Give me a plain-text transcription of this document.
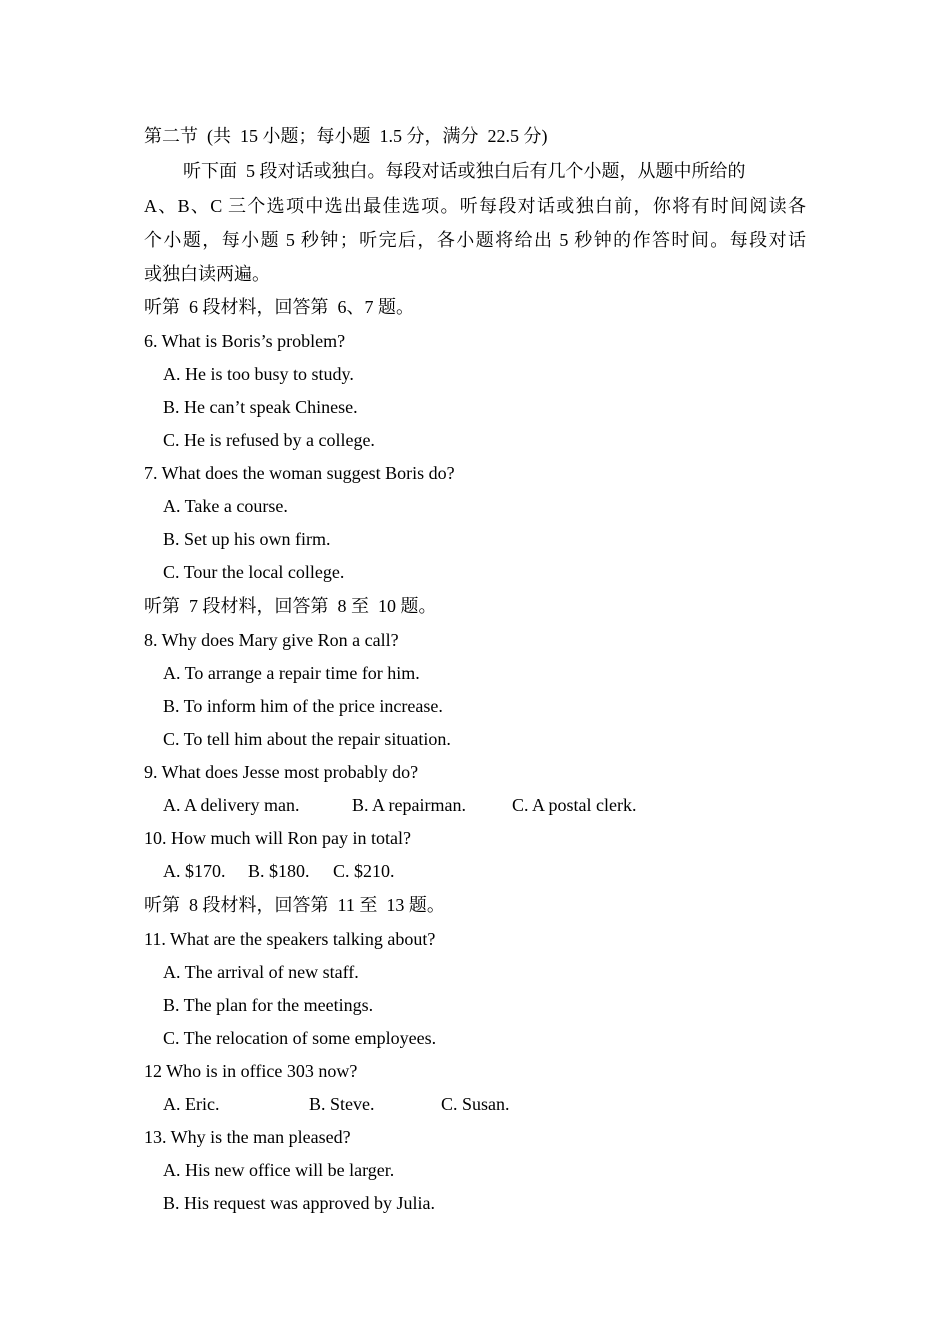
第二节  (共  15 小题；每小题  1.5 分，满分  22.5 分)
听下面  5 段对话或独白。每段对话或独白后有几个小题，从题中所给的
A、B、C 三个选项中选出最佳选项。听每段对话或独白前，你将有时间阅读各
个小题，每小题 5 秒钟；听完后，各小题将给出 5 秒钟的作答时间。每段对话
或独白读两遍。
听第  6 段材料，回答第  6、7 题。
6. What is Boris’s problem?
A. He is too busy to study.
B. He can’t speak Chinese.
C. He is refused by a college.
7. What does the woman suggest Boris do?
A. Take a course.
B. Set up his own firm.
C. Tour the local college.
听第  7 段材料，回答第  8 至  10 题。
8. Why does Mary give Ron a call?
A. To arrange a repair time for him.
B. To inform him of the price increase.
C. To tell him about the repair situation.
9. What does Jesse most probably do?
A. A delivery man.	B. A repairman.	C. A postal clerk.
10. How much will Ron pay in total?
A. $170. B. $180. C. $210.
听第  8 段材料，回答第  11 至  13 题。
11. What are the speakers talking about?
A. The arrival of new staff.
B. The plan for the meetings.
C. The relocation of some employees.
12 Who is in office 303 now?
A. Eric.	B. Steve.	C. Susan.
13. Why is the man pleased?
A. His new office will be larger.
B. His request was approved by Julia.
